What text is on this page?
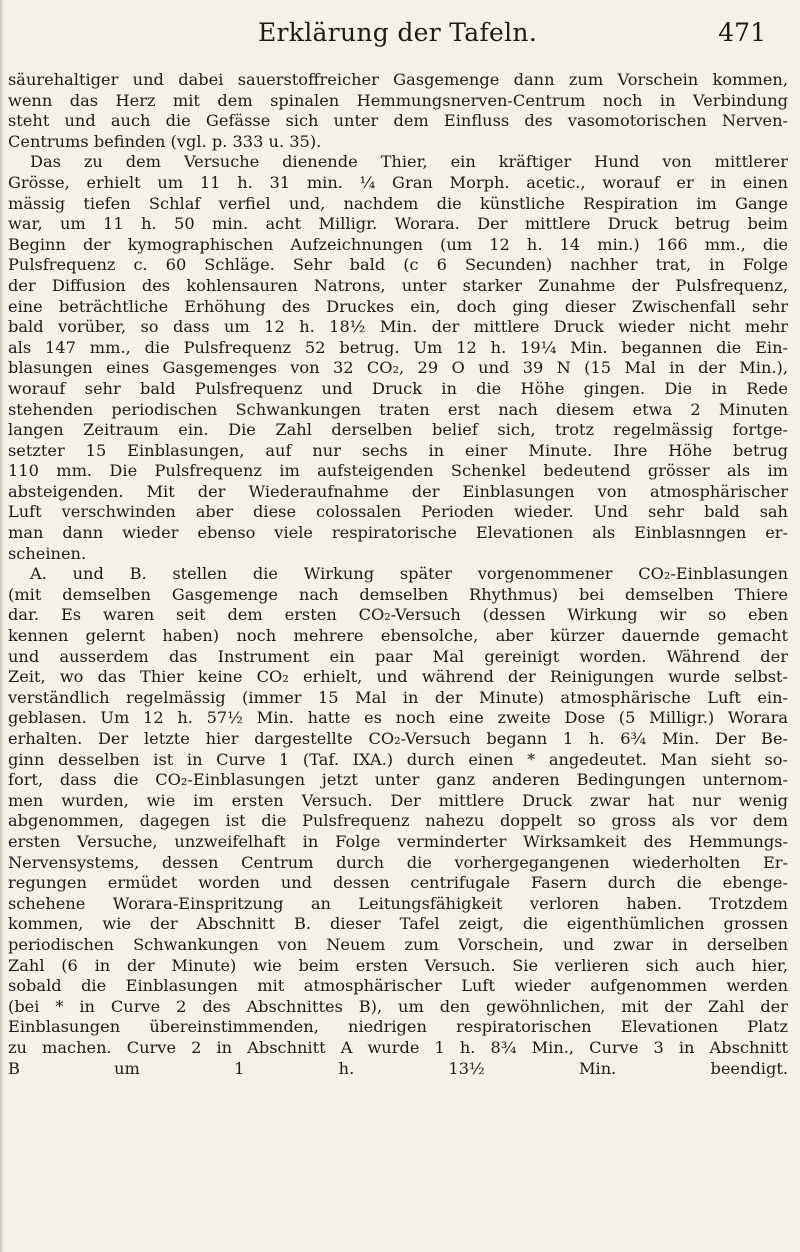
Erklärung der Tafeln.	471
säurehaltiger und dabei sauerstoffreicher Gasgemenge dann zum Vorschein kommen,
wenn das Herz mit dem spinalen Hemmungsnerven-Centrum noch in Verbindung
steht und auch die Gefässe sich unter dem Einfluss des vasomotorischen Nerven-
Centrums befinden (vgl. p. 333 u. 35).
Das zu dem Versuche dienende Thier, ein kräftiger Hund von mittlerer
Grösse, erhielt um 11 h. 31 min. ¼ Gran Morph. acetic., worauf er in einen
mässig tiefen Schlaf verfiel und, nachdem die künstliche Respiration im Gange
war, um 11 h. 50 min. acht Milligr. Worara. Der mittlere Druck betrug beim
Beginn der kymographischen Aufzeichnungen (um 12 h. 14 min.) 166 mm., die
Pulsfrequenz c. 60 Schläge. Sehr bald (c 6 Secunden) nachher trat, in Folge
der Diffusion des kohlensauren Natrons, unter starker Zunahme der Pulsfrequenz,
eine beträchtliche Erhöhung des Druckes ein, doch ging dieser Zwischenfall sehr
bald vorüber, so dass um 12 h. 18½ Min. der mittlere Druck wieder nicht mehr
als 147 mm., die Pulsfrequenz 52 betrug. Um 12 h. 19¼ Min. begannen die Ein-
blasungen eines Gasgemenges von 32 CO₂, 29 O und 39 N (15 Mal in der Min.),
worauf sehr bald Pulsfrequenz und Druck in die Höhe gingen. Die in Rede
stehenden periodischen Schwankungen traten erst nach diesem etwa 2 Minuten
langen Zeitraum ein. Die Zahl derselben belief sich, trotz regelmässig fortge-
setzter 15 Einblasungen, auf nur sechs in einer Minute. Ihre Höhe betrug
110 mm. Die Pulsfrequenz im aufsteigenden Schenkel bedeutend grösser als im
absteigenden. Mit der Wiederaufnahme der Einblasungen von atmosphärischer
Luft verschwinden aber diese colossalen Perioden wieder. Und sehr bald sah
man dann wieder ebenso viele respiratorische Elevationen als Einblasnngen er-
scheinen.
A. und B. stellen die Wirkung später vorgenommener CO₂-Einblasungen
(mit demselben Gasgemenge nach demselben Rhythmus) bei demselben Thiere
dar. Es waren seit dem ersten CO₂-Versuch (dessen Wirkung wir so eben
kennen gelernt haben) noch mehrere ebensolche, aber kürzer dauernde gemacht
und ausserdem das Instrument ein paar Mal gereinigt worden. Während der
Zeit, wo das Thier keine CO₂ erhielt, und während der Reinigungen wurde selbst-
verständlich regelmässig (immer 15 Mal in der Minute) atmosphärische Luft ein-
geblasen. Um 12 h. 57½ Min. hatte es noch eine zweite Dose (5 Milligr.) Worara
erhalten. Der letzte hier dargestellte CO₂-Versuch begann 1 h. 6¾ Min. Der Be-
ginn desselben ist in Curve 1 (Taf. IXA.) durch einen * angedeutet. Man sieht so-
fort, dass die CO₂-Einblasungen jetzt unter ganz anderen Bedingungen unternom-
men wurden, wie im ersten Versuch. Der mittlere Druck zwar hat nur wenig
abgenommen, dagegen ist die Pulsfrequenz nahezu doppelt so gross als vor dem
ersten Versuche, unzweifelhaft in Folge verminderter Wirksamkeit des Hemmungs-
Nervensystems, dessen Centrum durch die vorhergegangenen wiederholten Er-
regungen ermüdet worden und dessen centrifugale Fasern durch die ebenge-
schehene Worara-Einspritzung an Leitungsfähigkeit verloren haben. Trotzdem
kommen, wie der Abschnitt B. dieser Tafel zeigt, die eigenthümlichen grossen
periodischen Schwankungen von Neuem zum Vorschein, und zwar in derselben
Zahl (6 in der Minute) wie beim ersten Versuch. Sie verlieren sich auch hier,
sobald die Einblasungen mit atmosphärischer Luft wieder aufgenommen werden
(bei * in Curve 2 des Abschnittes B), um den gewöhnlichen, mit der Zahl der
Einblasungen übereinstimmenden, niedrigen respiratorischen Elevationen Platz
zu machen. Curve 2 in Abschnitt A wurde 1 h. 8¾ Min., Curve 3 in Abschnitt
B um 1 h. 13½ Min. beendigt.
